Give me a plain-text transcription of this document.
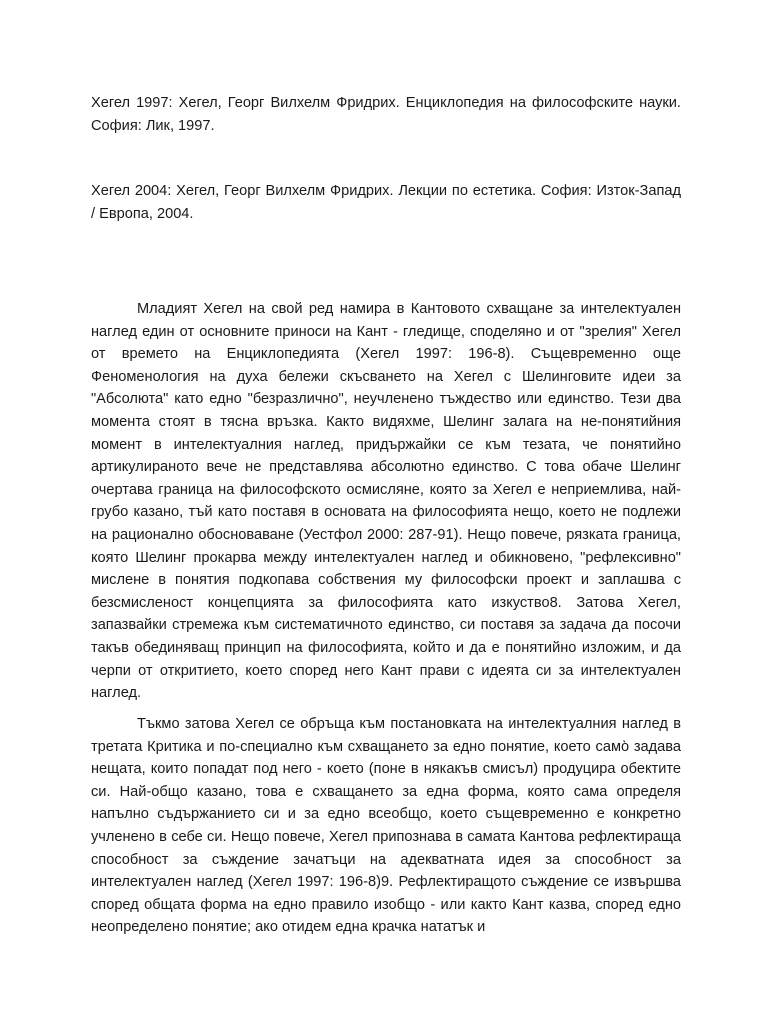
Хегел 1997: Хегел, Георг Вилхелм Фридрих. Енциклопедия на философските науки. София: Лик, 1997.

Хегел 2004: Хегел, Георг Вилхелм Фридрих. Лекции по естетика. София: Изток-Запад / Европа, 2004.

Младият Хегел на свой ред намира в Кантовото схващане за интелектуален наглед един от основните приноси на Кант - гледище, споделяно и от "зрелия" Хегел от времето на Енциклопедията (Хегел 1997: 196-8). Същевременно още Феноменология на духа бележи скъсването на Хегел с Шелинговите идеи за "Абсолюта" като едно "безразлично", неучленено тъждество или единство. Тези два момента стоят в тясна връзка. Както видяхме, Шелинг залага на не-понятийния момент в интелектуалния наглед, придържайки се към тезата, че понятийно артикулираното вече не представлява абсолютно единство. С това обаче Шелинг очертава граница на философското осмисляне, която за Хегел е неприемлива, най-грубо казано, тъй като поставя в основата на философията нещо, което не подлежи на рационално обосноваване (Уестфол 2000: 287-91). Нещо повече, рязката граница, която Шелинг прокарва между интелектуален наглед и обикновено, "рефлексивно" мислене в понятия подкопава собствения му философски проект и заплашва с безсмисленост концепцията за философията като изкуство8. Затова Хегел, запазвайки стремежа към систематичното единство, си поставя за задача да посочи такъв обединяващ принцип на философията, който и да е понятийно изложим, и да черпи от откритието, което според него Кант прави с идеята си за интелектуален наглед.

Тъкмо затова Хегел се обръща към постановката на интелектуалния наглед в третата Критика и по-специално към схващането за едно понятие, което само̀ задава нещата, които попадат под него - което (поне в някакъв смисъл) продуцира обектите си. Най-общо казано, това е схващането за една форма, която сама определя напълно съдържанието си и за едно всеобщо, което същевременно е конкретно учленено в себе си. Нещо повече, Хегел припознава в самата Кантова рефлектираща способност за съждение зачатъци на адекватната идея за способност за интелектуален наглед (Хегел 1997: 196-8)9. Рефлектиращото съждение се извършва според общата форма на едно правило изобщо - или както Кант казва, според едно неопределено понятие; ако отидем една крачка нататък и
